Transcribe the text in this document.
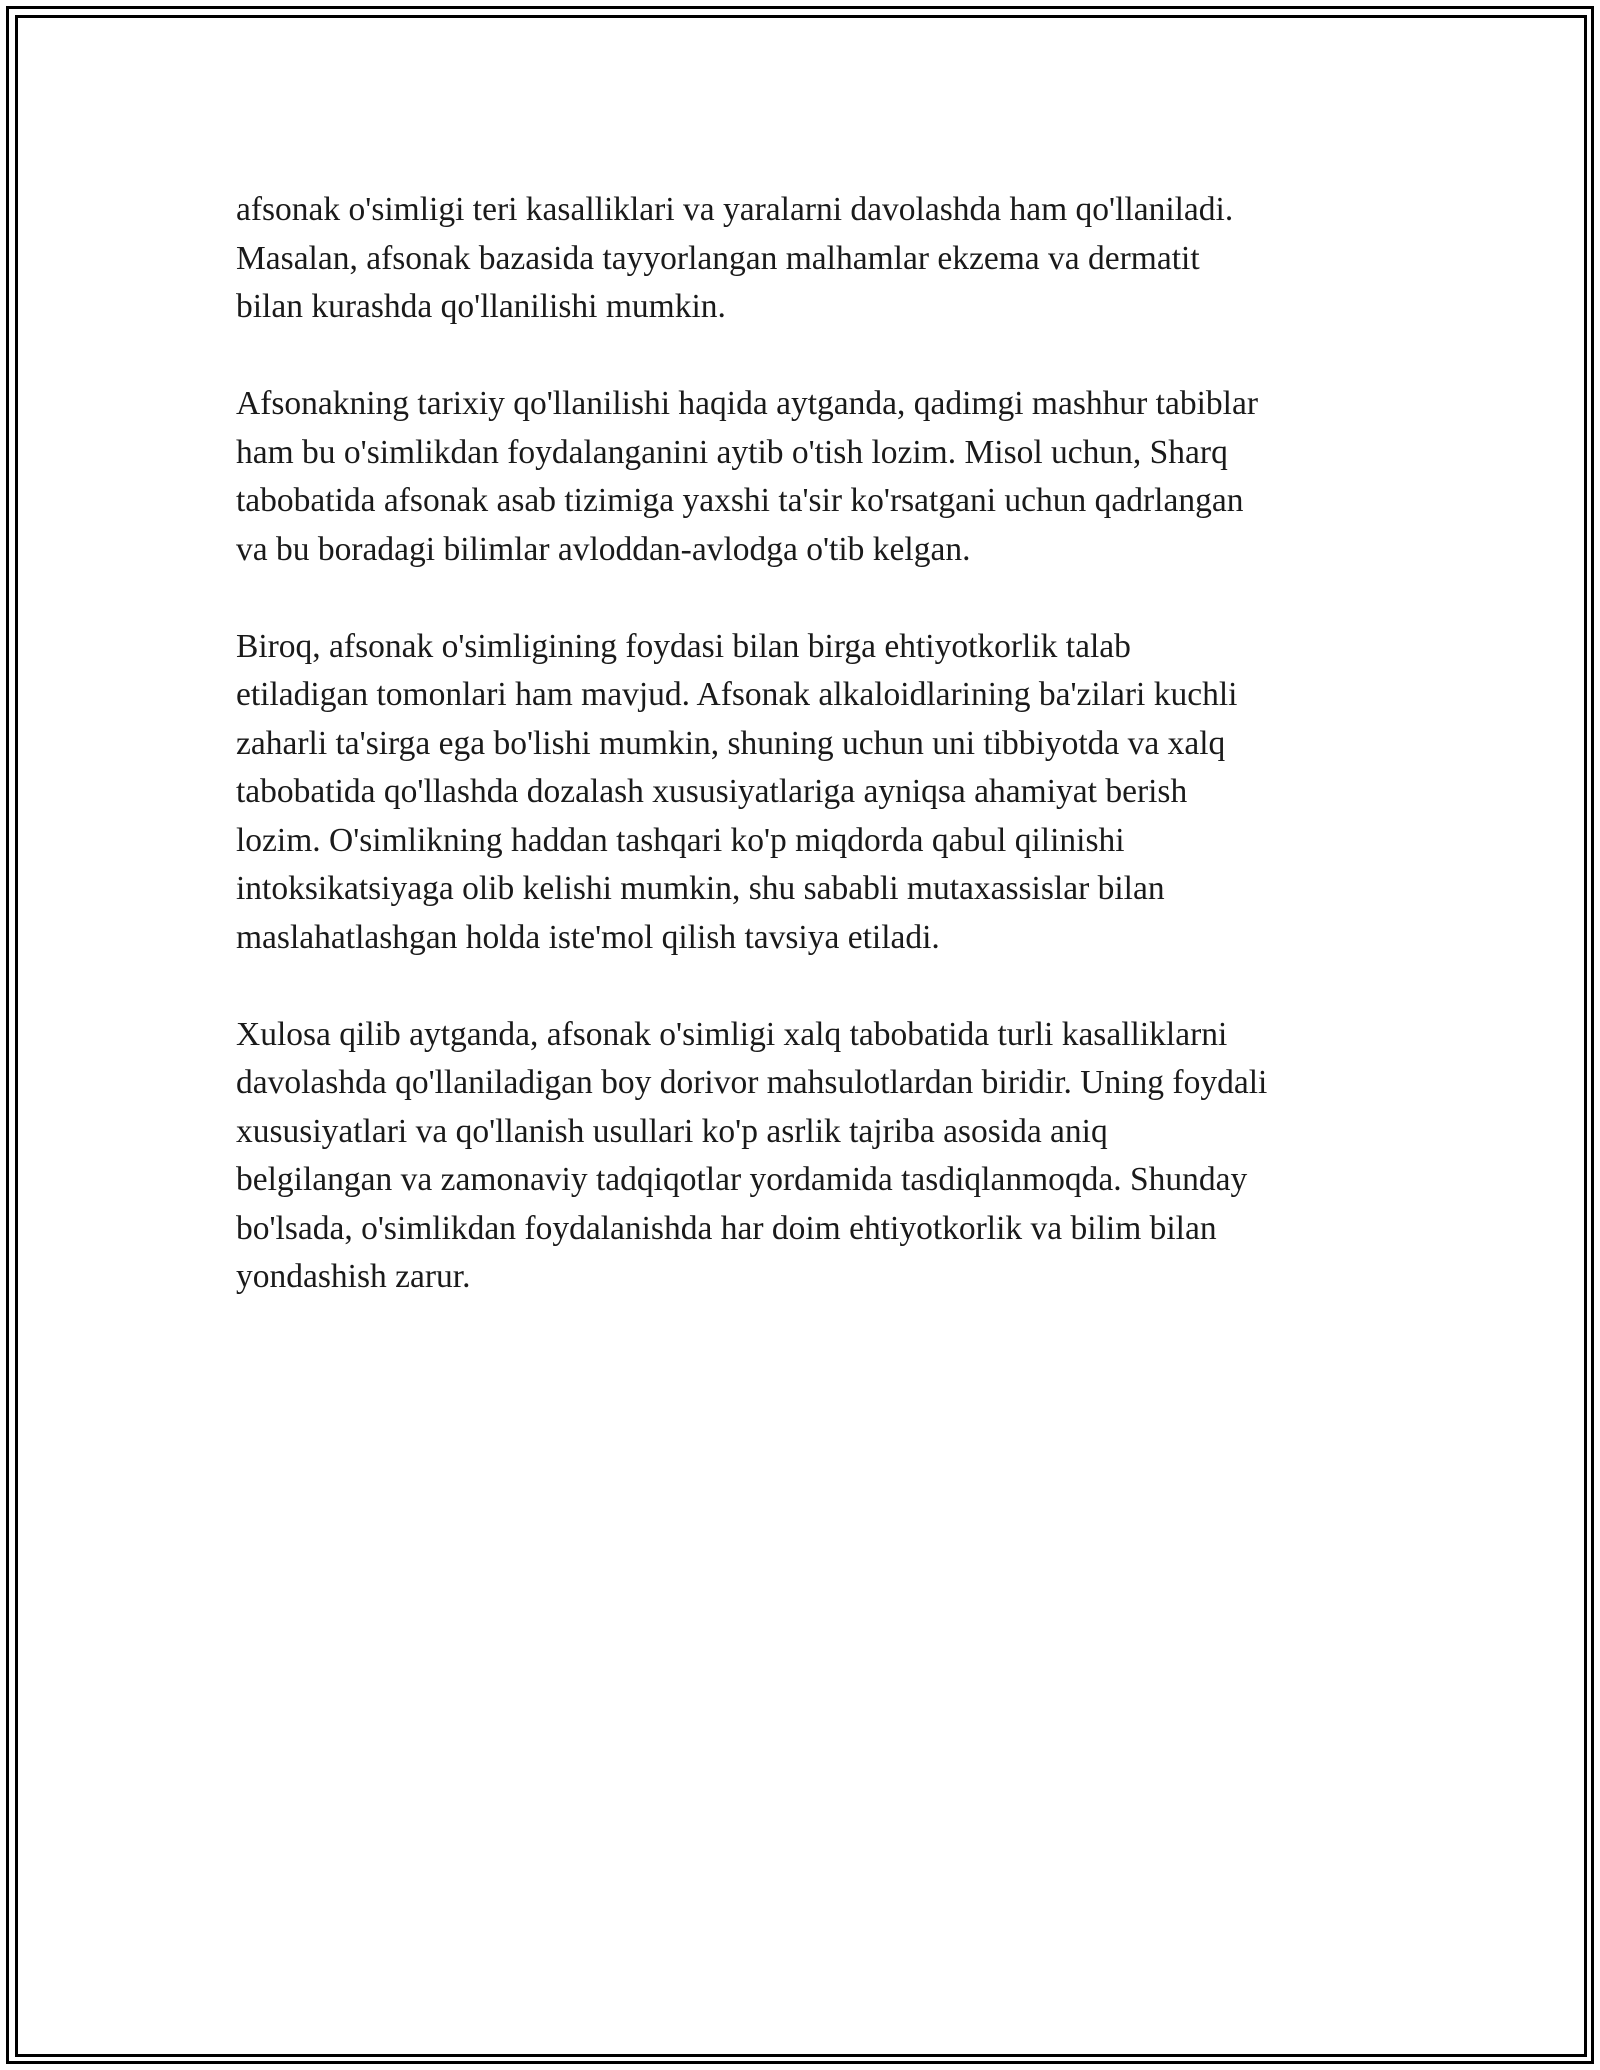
afsonak o'simligi teri kasalliklari va yaralarni davolashda ham qo'llaniladi.
Masalan, afsonak bazasida tayyorlangan malhamlar ekzema va dermatit
bilan kurashda qo'llanilishi mumkin.

Afsonakning tarixiy qo'llanilishi haqida aytganda, qadimgi mashhur tabiblar
ham bu o'simlikdan foydalanganini aytib o'tish lozim. Misol uchun, Sharq
tabobatida afsonak asab tizimiga yaxshi ta'sir ko'rsatgani uchun qadrlangan
va bu boradagi bilimlar avloddan-avlodga o'tib kelgan.

Biroq, afsonak o'simligining foydasi bilan birga ehtiyotkorlik talab
etiladigan tomonlari ham mavjud. Afsonak alkaloidlarining ba'zilari kuchli
zaharli ta'sirga ega bo'lishi mumkin, shuning uchun uni tibbiyotda va xalq
tabobatida qo'llashda dozalash xususiyatlariga ayniqsa ahamiyat berish
lozim. O'simlikning haddan tashqari ko'p miqdorda qabul qilinishi
intoksikatsiyaga olib kelishi mumkin, shu sababli mutaxassislar bilan
maslahatlashgan holda iste'mol qilish tavsiya etiladi.

Xulosa qilib aytganda, afsonak o'simligi xalq tabobatida turli kasalliklarni
davolashda qo'llaniladigan boy dorivor mahsulotlardan biridir. Uning foydali
xususiyatlari va qo'llanish usullari ko'p asrlik tajriba asosida aniq
belgilangan va zamonaviy tadqiqotlar yordamida tasdiqlanmoqda. Shunday
bo'lsada, o'simlikdan foydalanishda har doim ehtiyotkorlik va bilim bilan
yondashish zarur.
